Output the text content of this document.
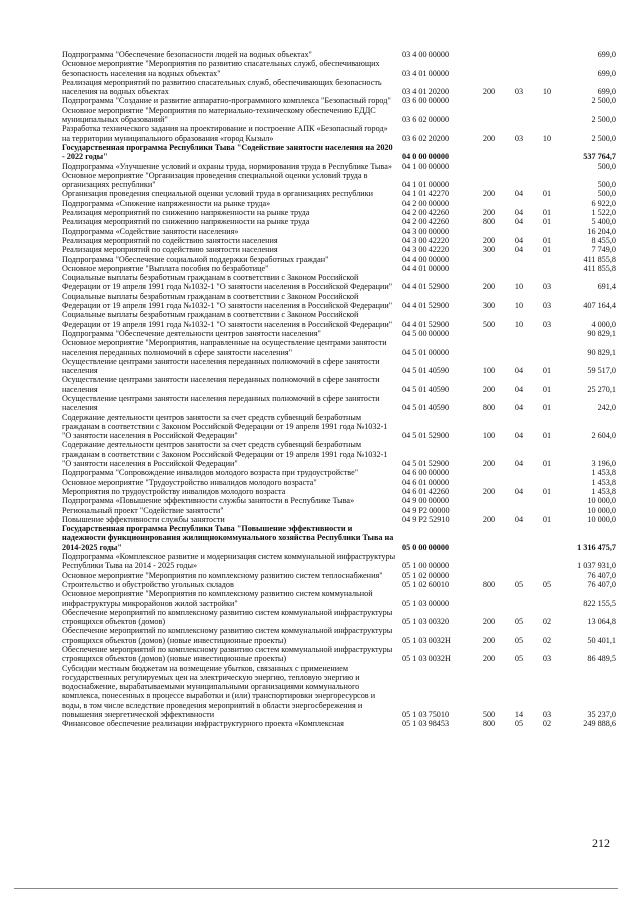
Подпрограмма "Обеспечение безопасности людей на водных объектах"	03 4 00 00000				699,0
Основное мероприятие "Мероприятия по развитию спасательных служб, обеспечивающих безопасность населения на водных объектах"	03 4 01 00000				699,0
Реализация мероприятий по развитию спасательных служб, обеспечивающих безопасность населения на водных объектах	03 4 01 20200	200	03	10	699,0
Подпрограмма "Создание и развитие аппаратно-программного комплекса "Безопасный город"	03 6 00 00000				2 500,0
Основное мероприятие "Мероприятия по материально-техническому обеспечению ЕДДС муниципальных образований"	03 6 02 00000				2 500,0
Разработка технического задания на проектирование и построение АПК «Безопасный город» на территории муниципального образования «город Кызыл»	03 6 02 20200	200	03	10	2 500,0
Государственная программа Республики Тыва "Содействие занятости населения на 2020 - 2022 годы"	04 0 00 00000				537 764,7
Подпрограмма «Улучшение условий и охраны труда, нормирования труда в Республике Тыва»	04 1 00 00000				500,0
Основное мероприятие "Организация проведения специальной оценки условий труда в организациях республики"	04 1 01 00000				500,0
Организация проведения специальной оценки условий труда в организациях республики	04 1 01 42270	200	04	01	500,0
Подпрограмма «Снижение напряженности на рынке труда»	04 2 00 00000				6 922,0
Реализация мероприятий по снижению напряженности на рынке труда	04 2 00 42260	200	04	01	1 522,0
Реализация мероприятий по снижению напряженности на рынке труда	04 2 00 42260	800	04	01	5 400,0
Подпрограмма «Содействие занятости населения»	04 3 00 00000				16 204,0
Реализация мероприятий по содействию занятости населения	04 3 00 42220	200	04	01	8 455,0
Реализация мероприятий по содействию занятости населения	04 3 00 42220	300	04	01	7 749,0
Подпрограмма "Обеспечение социальной поддержки безработных граждан"	04 4 00 00000				411 855,8
Основное мероприятие "Выплата пособия по безработице"	04 4 01 00000				411 855,8
Социальные выплаты безработным гражданам в соответствии с Законом Российской Федерации от 19 апреля 1991 года №1032-1 "О занятости населения в Российской Федерации"	04 4 01 52900	200	10	03	691,4
Социальные выплаты безработным гражданам в соответствии с Законом Российской Федерации от 19 апреля 1991 года №1032-1 "О занятости населения в Российской Федерации"	04 4 01 52900	300	10	03	407 164,4
Социальные выплаты безработным гражданам в соответствии с Законом Российской Федерации от 19 апреля 1991 года №1032-1 "О занятости населения в Российской Федерации"	04 4 01 52900	500	10	03	4 000,0
Подпрограмма "Обеспечение деятельности центров занятости населения"	04 5 00 00000				90 829,1
Основное мероприятие "Мероприятия, направленные на осуществление центрами занятости населения переданных полномочий в сфере занятости населения"	04 5 01 00000				90 829,1
Осуществление центрами занятости населения переданных полномочий в сфере занятости населения	04 5 01 40590	100	04	01	59 517,0
Осуществление центрами занятости населения переданных полномочий в сфере занятости населения	04 5 01 40590	200	04	01	25 270,1
Осуществление центрами занятости населения переданных полномочий в сфере занятости населения	04 5 01 40590	800	04	01	242,0
Содержание деятельности центров занятости за счет средств субвенций безработным гражданам в соответствии с Законом Российской Федерации от 19 апреля 1991 года №1032-1 "О занятости населения в Российской Федерации"	04 5 01 52900	100	04	01	2 604,0
Содержание деятельности центров занятости за счет средств субвенций безработным гражданам в соответствии с Законом Российской Федерации от 19 апреля 1991 года №1032-1 "О занятости населения в Российской Федерации"	04 5 01 52900	200	04	01	3 196,0
Подпрограмма "Сопровождение инвалидов молодого возраста при трудоустройстве"	04 6 00 00000				1 453,8
Основное мероприятие "Трудоустройство инвалидов молодого возраста"	04 6 01 00000				1 453,8
Мероприятия по трудоустройству инвалидов молодого возраста	04 6 01 42260	200	04	01	1 453,8
Подпрограмма «Повышение эффективности службы занятости в Республике Тыва»	04 9 00 00000				10 000,0
Региональный проект "Содействие занятости"	04 9 P2 00000				10 000,0
Повышение эффективности службы занятости	04 9 P2 52910	200	04	01	10 000,0
Государственная программа Республики Тыва "Повышение эффективности и надежности функционирования жилищнокоммунального хозяйства Республики Тыва на 2014-2025 годы"	05 0 00 00000				1 316 475,7
Подпрограмма «Комплексное развитие и модернизация систем коммунальной инфраструктуры Республики Тыва на 2014 - 2025 годы»	05 1 00 00000				1 037 931,0
Основное мероприятие "Мероприятия по комплексному развитию систем теплоснабжения"	05 1 02 00000				76 407,0
Строительство и обустройство угольных складов	05 1 02 60010	800	05	05	76 407,0
Основное мероприятие "Мероприятия по комплексному развитию систем коммунальной инфраструктуры микрорайонов жилой застройки"	05 1 03 00000				822 155,5
Обеспечение мероприятий по комплексному развитию систем коммунальной инфраструктуры строящихся объектов (домов)	05 1 03 00320	200	05	02	13 064,8
Обеспечение мероприятий по комплексному развитию систем коммунальной инфраструктуры строящихся объектов (домов) (новые инвестиционные проекты)	05 1 03 0032Н	200	05	02	50 401,1
Обеспечение мероприятий по комплексному развитию систем коммунальной инфраструктуры строящихся объектов (домов) (новые инвестиционные проекты)	05 1 03 0032Н	200	05	03	86 489,5
Субсидии местным бюджетам на возмещение убытков, связанных с применением государственных регулируемых цен на электрическую энергию, тепловую энергию и водоснабжение, вырабатываемыми муниципальными организациями коммунального комплекса, понесенных в процессе выработки и (или) транспортировки энергоресурсов и воды, в том числе вследствие проведения мероприятий в области энергосбережения и повышения энергетической эффективности	05 1 03 75010	500	14	03	35 237,0
Финансовое обеспечение реализации инфраструктурного проекта «Комплексная	05 1 03 98453	800	05	02	249 888,6
212
